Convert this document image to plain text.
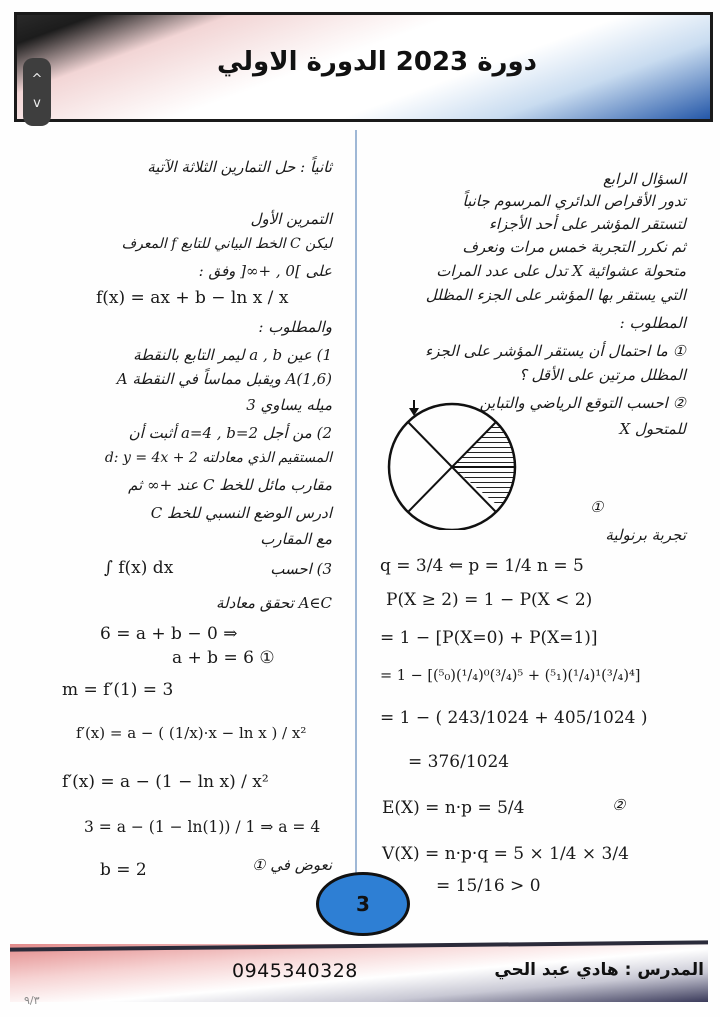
دورة 2023 الدورة الاولي
^
v
السؤال الرابع
تدور الأقراص الدائري المرسوم جانباً
لتستقر المؤشر على أحد الأجزاء
ثم نكرر التجربة خمس مرات ونعرف
متحولة عشوائية X تدل على عدد المرات
التي يستقر بها المؤشر على الجزء المظلل
المطلوب :
① ما احتمال أن يستقر المؤشر على الجزء
المظلل مرتين على الأقل ؟
② احسب التوقع الرياضي والتباين
للمتحول X
①
تجربة برنولية
q = 3/4 ⇐ p = 1/4 n = 5
P(X ≥ 2) = 1 − P(X < 2)
= 1 − [P(X=0) + P(X=1)]
= 1 − [(⁵₀)(¹/₄)⁰(³/₄)⁵ + (⁵₁)(¹/₄)¹(³/₄)⁴]
= 1 − ( 243/1024 + 405/1024 )
= 376/1024
②
E(X) = n·p = 5/4
V(X) = n·p·q = 5 × 1/4 × 3/4
= 15/16 > 0
ثانياً : حل التمارين الثلاثة الآتية
التمرين الأول
ليكن C الخط البياني للتابع f المعرف
على ]0 , +∞[ وفق :
f(x) = ax + b − ln x / x
والمطلوب :
1) عين a , b ليمر التابع بالنقطة
A(1,6) ويقبل مماساً في النقطة A
ميله يساوي 3
2) من أجل a=4 , b=2 أثبت أن
المستقيم الذي معادلته d: y = 4x + 2
مقارب مائل للخط C عند +∞ ثم
ادرس الوضع النسبي للخط C
مع المقارب
3) احسب
∫ f(x) dx
A∈C تحقق معادلة
6 = a + b − 0 ⇒
a + b = 6 ①
m = f′(1) = 3
f′(x) = a − ( (1/x)·x − ln x ) / x²
f′(x) = a − (1 − ln x) / x²
3 = a − (1 − ln(1)) / 1 ⇒ a = 4
b = 2	نعوض في ①
3
0945340328	المدرس : هادي عبد الحي
٩/٣
